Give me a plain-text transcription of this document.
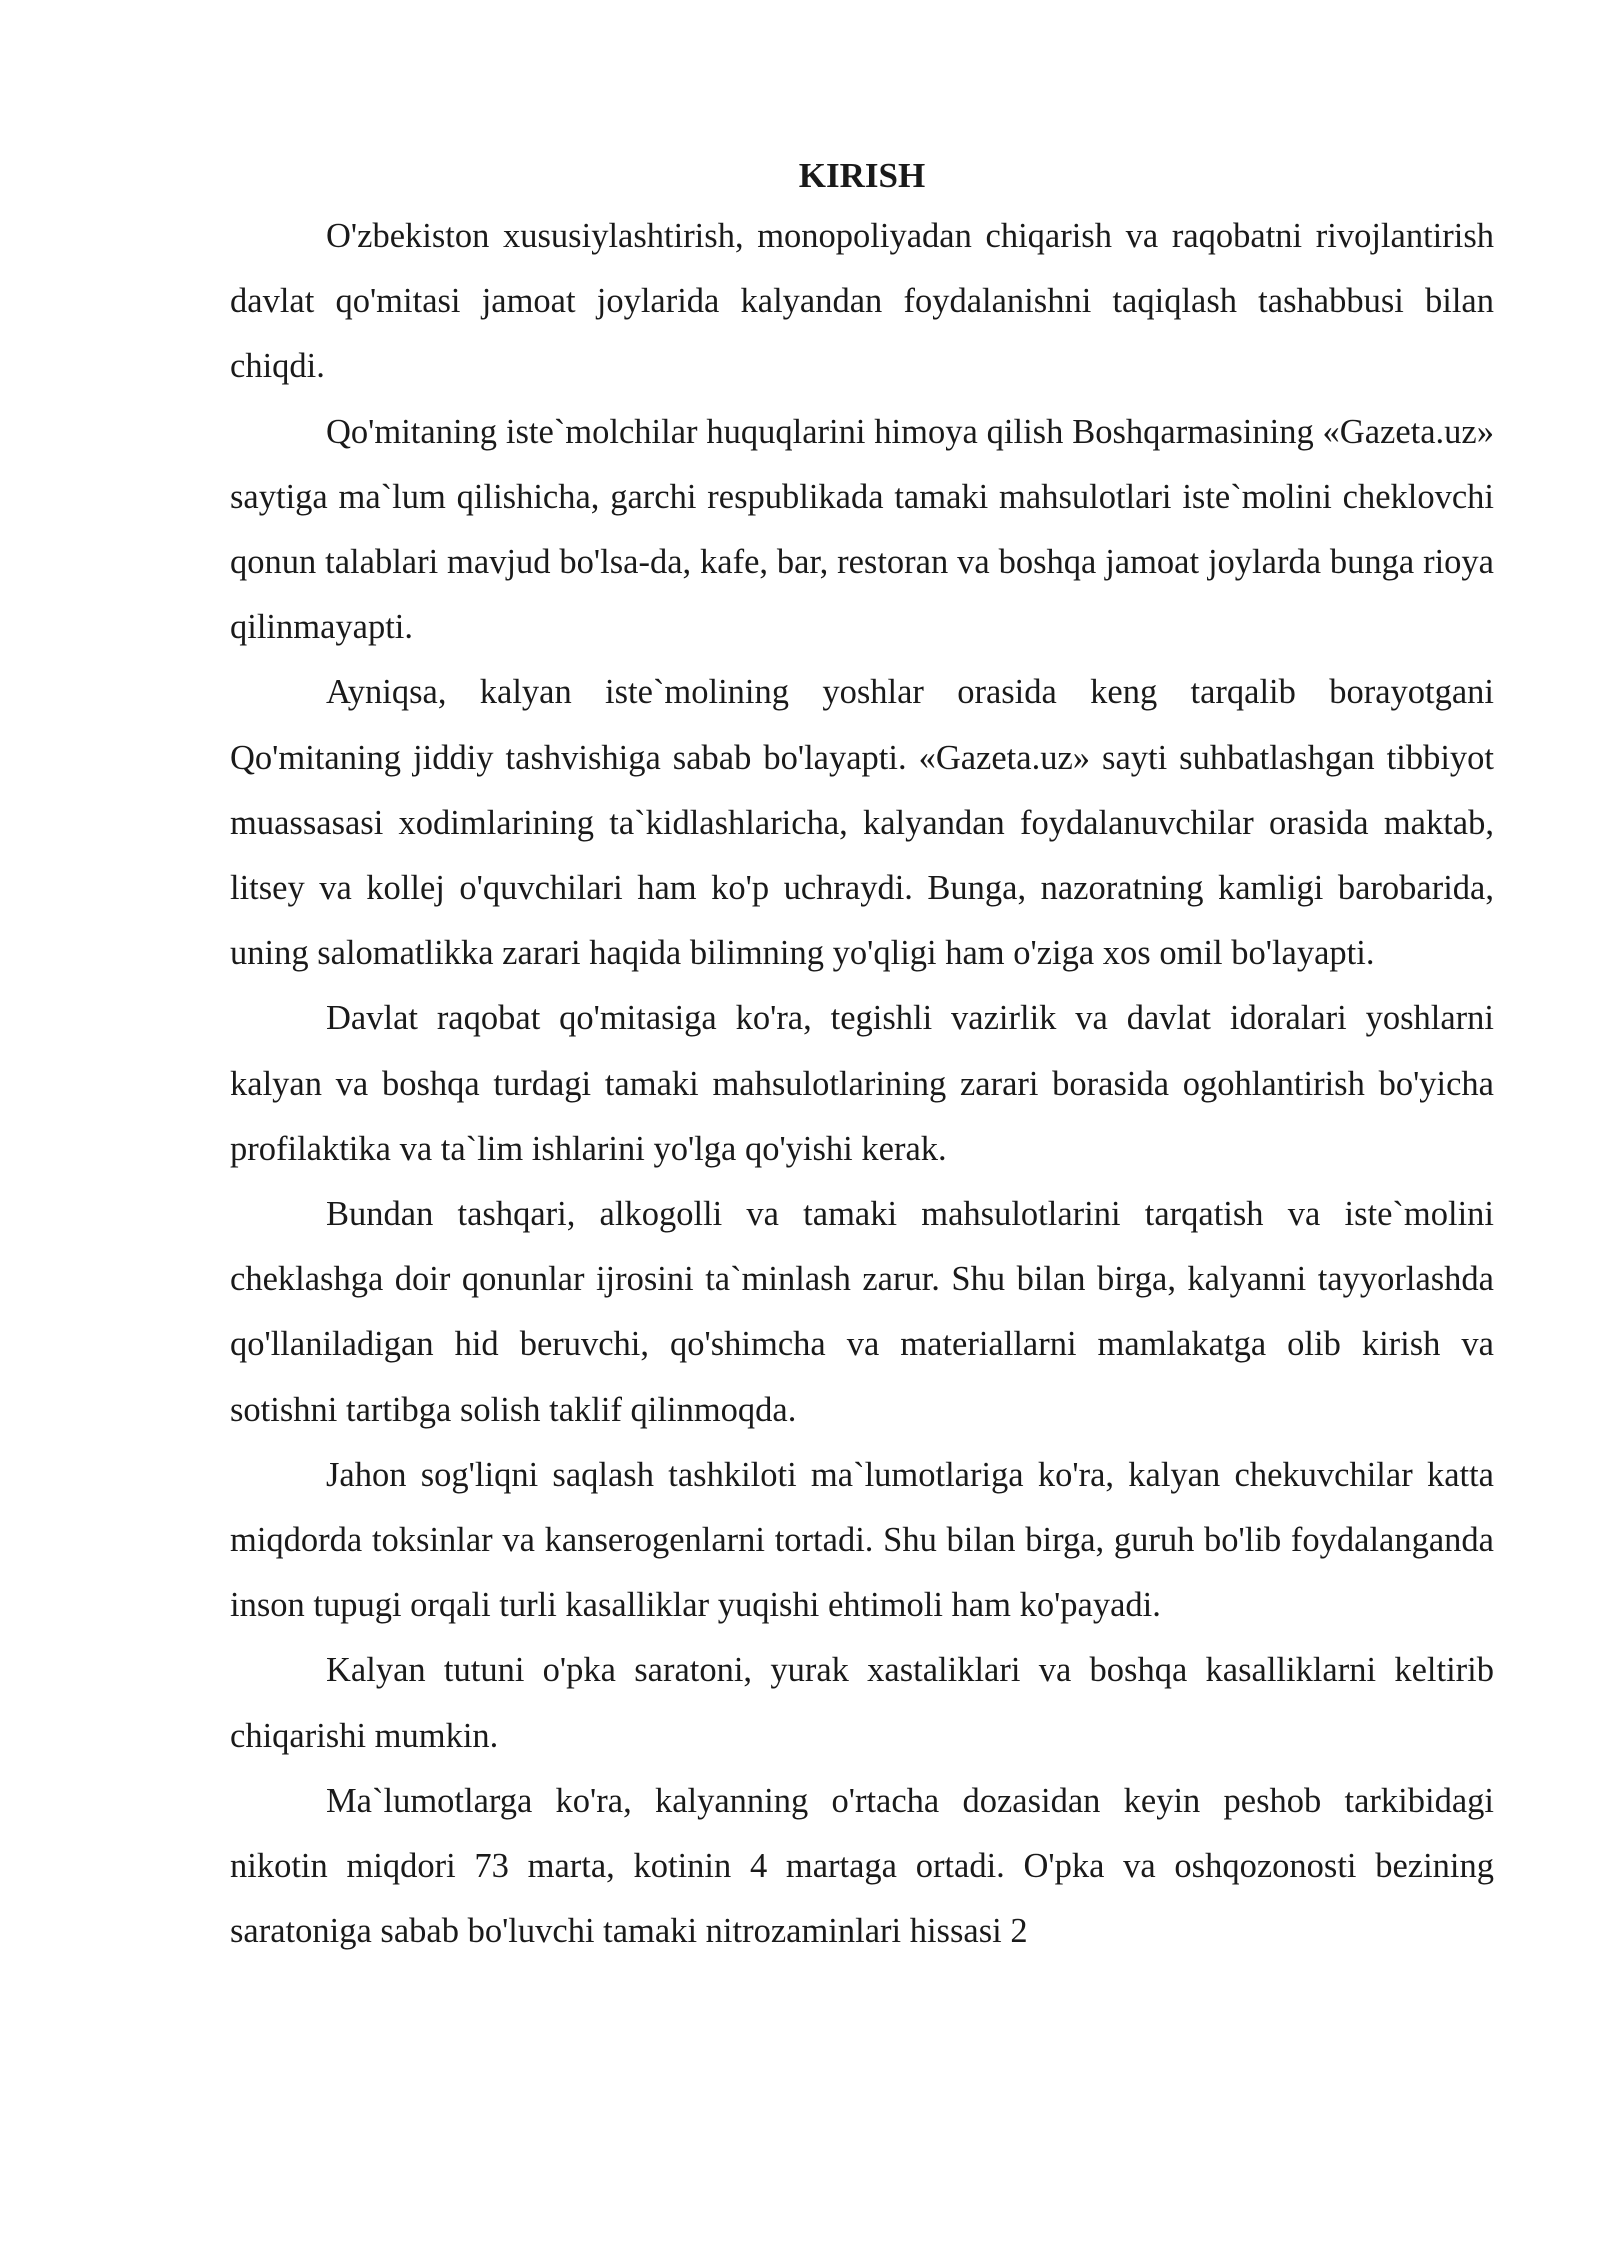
KIRISH

O'zbekiston xususiylashtirish, monopoliyadan chiqarish va raqobatni rivojlantirish davlat qo'mitasi jamoat joylarida kalyandan foydalanishni taqiqlash tashabbusi bilan chiqdi.

Qo'mitaning iste`molchilar huquqlarini himoya qilish Boshqarmasining «Gazeta.uz» saytiga ma`lum qilishicha, garchi respublikada tamaki mahsulotlari iste`molini cheklovchi qonun talablari mavjud bo'lsa-da, kafe, bar, restoran va boshqa jamoat joylarda bunga rioya qilinmayapti.

Ayniqsa, kalyan iste`molining yoshlar orasida keng tarqalib borayotgani Qo'mitaning jiddiy tashvishiga sabab bo'layapti. «Gazeta.uz» sayti suhbatlashgan tibbiyot muassasasi xodimlarining ta`kidlashlaricha, kalyandan foydalanuvchilar orasida maktab, litsey va kollej o'quvchilari ham ko'p uchraydi. Bunga, nazoratning kamligi barobarida, uning salomatlikka zarari haqida bilimning yo'qligi ham o'ziga xos omil bo'layapti.

Davlat raqobat qo'mitasiga ko'ra, tegishli vazirlik va davlat idoralari yoshlarni kalyan va boshqa turdagi tamaki mahsulotlarining zarari borasida ogohlantirish bo'yicha profilaktika va ta`lim ishlarini yo'lga qo'yishi kerak.

Bundan tashqari, alkogolli va tamaki mahsulotlarini tarqatish va iste`molini cheklashga doir qonunlar ijrosini ta`minlash zarur. Shu bilan birga, kalyanni tayyorlashda qo'llaniladigan hid beruvchi, qo'shimcha va materiallarni mamlakatga olib kirish va sotishni tartibga solish taklif qilinmoqda.

Jahon sog'liqni saqlash tashkiloti ma`lumotlariga ko'ra, kalyan chekuvchilar katta miqdorda toksinlar va kanserogenlarni tortadi. Shu bilan birga, guruh bo'lib foydalanganda inson tupugi orqali turli kasalliklar yuqishi ehtimoli ham ko'payadi.

Kalyan tutuni o'pka saratoni, yurak xastaliklari va boshqa kasalliklarni keltirib chiqarishi mumkin.

Ma`lumotlarga ko'ra, kalyanning o'rtacha dozasidan keyin peshob tarkibidagi nikotin miqdori 73 marta, kotinin 4 martaga ortadi. O'pka va oshqozonosti bezining saratoniga sabab bo'luvchi tamaki nitrozaminlari hissasi 2
